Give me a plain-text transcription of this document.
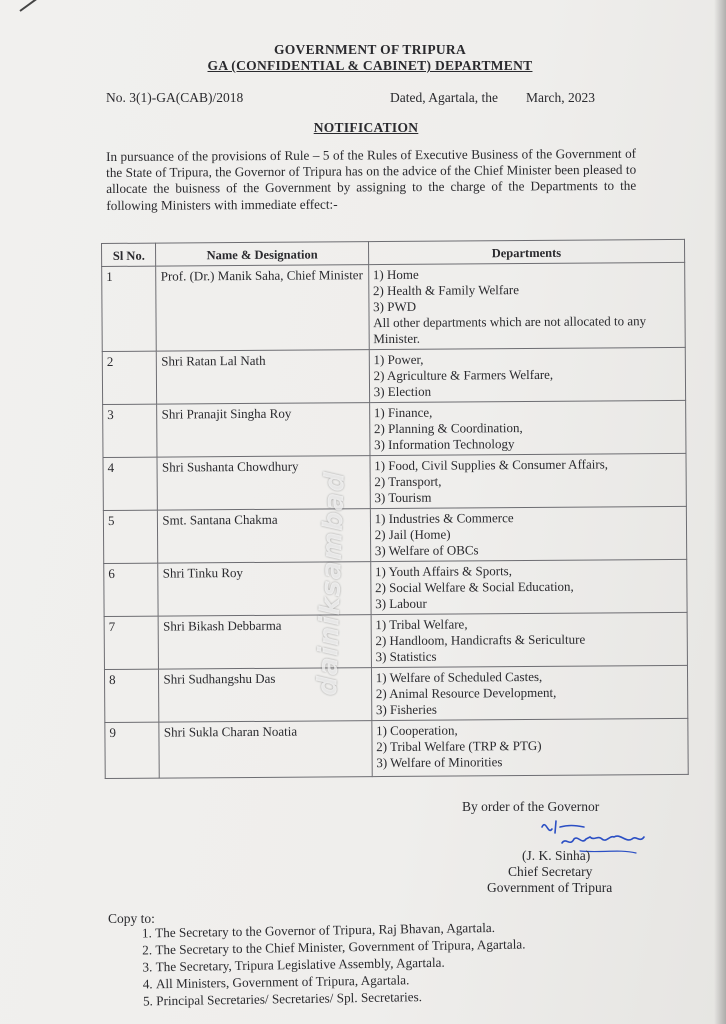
GOVERNMENT OF TRIPURA
GA (CONFIDENTIAL & CABINET) DEPARTMENT
No. 3(1)-GA(CAB)/2018	Dated, Agartala, the March, 2023
NOTIFICATION
In pursuance of the provisions of Rule – 5 of the Rules of Executive Business of the Government of the State of Tripura, the Governor of Tripura has on the advice of the Chief Minister been pleased to allocate the buisness of the Government by assigning to the charge of the Departments to the following Ministers with immediate effect:-
Sl No.	Name & Designation	Departments
1	Prof. (Dr.) Manik Saha, Chief Minister	1) Home
2) Health & Family Welfare
3) PWD
All other departments which are not allocated to any Minister.

2	Shri Ratan Lal Nath	1) Power,
2) Agriculture & Farmers Welfare,
3) Election

3	Shri Pranajit Singha Roy	1) Finance,
2) Planning & Coordination,
3) Information Technology

4	Shri Sushanta Chowdhury	1) Food, Civil Supplies & Consumer Affairs,
2) Transport,
3) Tourism

5	Smt. Santana Chakma	1) Industries & Commerce
2) Jail (Home)
3) Welfare of OBCs

6	Shri Tinku Roy	1) Youth Affairs & Sports,
2) Social Welfare & Social Education,
3) Labour

7	Shri Bikash Debbarma	1) Tribal Welfare,
2) Handloom, Handicrafts & Sericulture
3) Statistics

8	Shri Sudhangshu Das	1) Welfare of Scheduled Castes,
2) Animal Resource Development,
3) Fisheries

9	Shri Sukla Charan Noatia	1) Cooperation,
2) Tribal Welfare (TRP & PTG)
3) Welfare of Minorities
dainiksambad
By order of the Governor
(J. K. Sinha)
Chief Secretary
Government of Tripura
Copy to:
1. The Secretary to the Governor of Tripura, Raj Bhavan, Agartala.
2. The Secretary to the Chief Minister, Government of Tripura, Agartala.
3. The Secretary, Tripura Legislative Assembly, Agartala.
4. All Ministers, Government of Tripura, Agartala.
5. Principal Secretaries/ Secretaries/ Spl. Secretaries.
